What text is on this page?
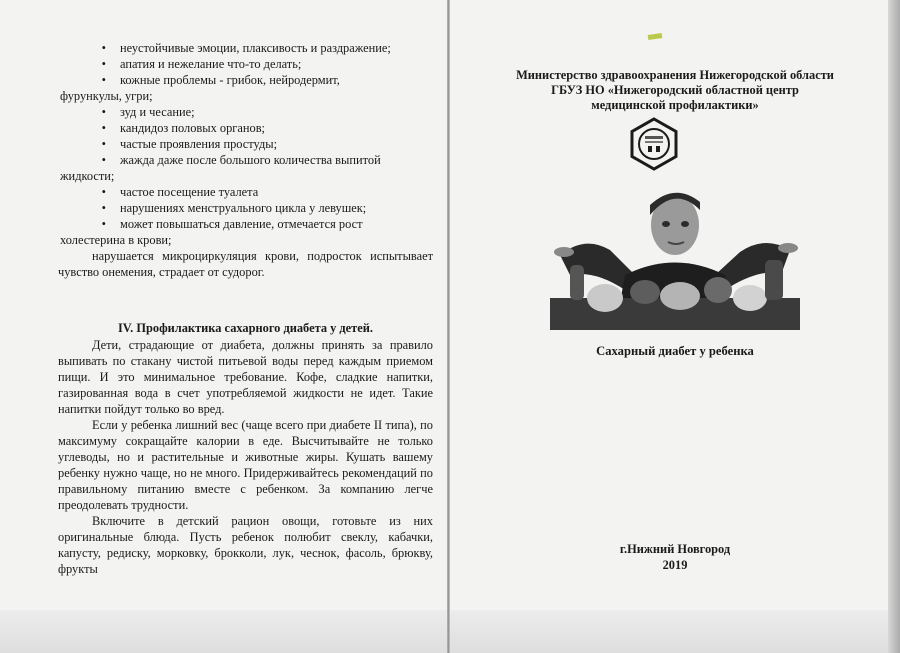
•	неустойчивые эмоции, плаксивость и раздражение;
•	апатия и нежелание что-то делать;
•	кожные проблемы - грибок, нейродермит,
фурункулы, угри;
•	зуд и чесание;
•	кандидоз половых органов;
•	частые проявления простуды;
•	жажда даже после большого количества выпитой
жидкости;
•	частое посещение туалета
•	нарушениях менструального цикла у левушек;
•	может повышаться давление, отмечается рост
холестерина в крови;
нарушается микроциркуляция крови, подросток испытывает чувство онемения, страдает от судорог.
IV. Профилактика сахарного диабета у детей.
Дети, страдающие от диабета, должны принять за правило выпивать по стакану чистой питьевой воды перед каждым приемом пищи. И это минимальное требование. Кофе, сладкие напитки, газированная вода в счет употребляемой жидкости не идет. Такие напитки пойдут только во вред.
Если у ребенка лишний вес (чаще всего при диабете II типа), по максимуму сокращайте калории в еде. Высчитывайте не только углеводы, но и растительные и животные жиры. Кушать вашему ребенку нужно чаще, но не много. Придерживайтесь рекомендаций по правильному питанию вместе с ребенком. За компанию легче преодолевать трудности.
Включите в детский рацион овощи, готовьте из них оригинальные блюда. Пусть ребенок полюбит свеклу, кабачки, капусту, редиску, морковку, брокколи, лук, чеснок, фасоль, брюкву, фрукты
Министерство здравоохранения Нижегородской области
ГБУЗ НО «Нижегородский областной центр
медицинской профилактики»
Сахарный диабет у ребенка
г.Нижний Новгород
2019
